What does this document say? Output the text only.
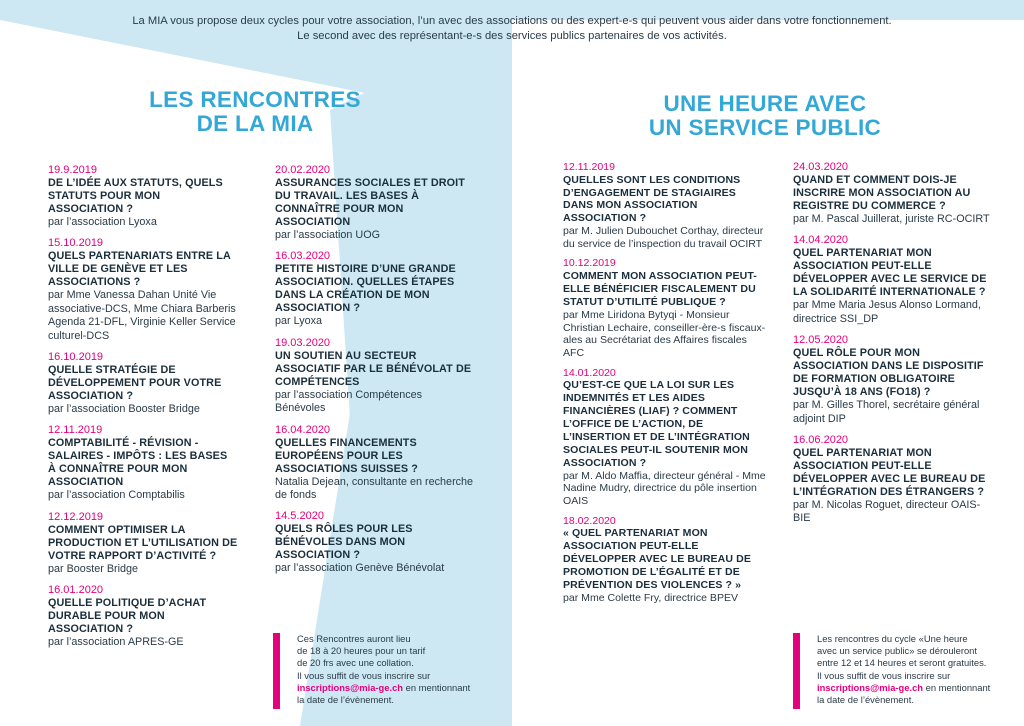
La MIA vous propose deux cycles pour votre association, l’un avec des associations ou des expert-e-s qui peuvent vous aider dans votre fonctionnement.
Le second avec des représentant-e-s des services publics partenaires de vos activités.
LES RENCONTRES
DE LA MIA
UNE HEURE AVEC
UN SERVICE PUBLIC
19.9.2019
DE L’IDÉE AUX STATUTS, QUELS STATUTS POUR MON ASSOCIATION ?
par l’association Lyoxa
15.10.2019
QUELS PARTENARIATS ENTRE LA VILLE DE GENÈVE ET LES ASSOCIATIONS ?
par Mme Vanessa Dahan Unité Vie associative-DCS, Mme Chiara Barberis Agenda 21-DFL, Virginie Keller Service culturel-DCS
16.10.2019
QUELLE STRATÉGIE DE DÉVELOPPEMENT POUR VOTRE ASSOCIATION ?
par l’association Booster Bridge
12.11.2019
COMPTABILITÉ - RÉVISION - SALAIRES - IMPÔTS : LES BASES À CONNAÎTRE POUR MON ASSOCIATION
par l’association Comptabilis
12.12.2019
COMMENT OPTIMISER LA PRODUCTION ET L’UTILISATION DE VOTRE RAPPORT D’ACTIVITÉ ?
par Booster Bridge
16.01.2020
QUELLE POLITIQUE D’ACHAT DURABLE POUR MON ASSOCIATION ?
par l’association APRES-GE
20.02.2020
ASSURANCES SOCIALES ET DROIT DU TRAVAIL. LES BASES À CONNAÎTRE POUR MON ASSOCIATION
par l’association UOG
16.03.2020
PETITE HISTOIRE D’UNE GRANDE ASSOCIATION. QUELLES ÉTAPES DANS LA CRÉATION DE MON ASSOCIATION ?
par Lyoxa
19.03.2020
UN SOUTIEN AU SECTEUR ASSOCIATIF PAR LE BÉNÉVOLAT DE COMPÉTENCES
par l’association Compétences Bénévoles
16.04.2020
QUELLES FINANCEMENTS EUROPÉENS POUR LES ASSOCIATIONS SUISSES ?
Natalia Dejean, consultante en recherche de fonds
14.5.2020
QUELS RÔLES POUR LES BÉNÉVOLES DANS MON ASSOCIATION ?
par l’association Genève Bénévolat
12.11.2019
QUELLES SONT LES CONDITIONS D’ENGAGEMENT DE STAGIAIRES DANS MON ASSOCIATION ASSOCIATION ?
par M. Julien Dubouchet Corthay, directeur du service de l’inspection du travail OCIRT
10.12.2019
COMMENT MON ASSOCIATION PEUT-ELLE BÉNÉFICIER FISCALEMENT DU STATUT D’UTILITÉ PUBLIQUE ?
par Mme Liridona Bytyqi - Monsieur Christian Lechaire, conseiller-ère-s fiscaux-ales au Secrétariat des Affaires fiscales AFC
14.01.2020
QU’EST-CE QUE LA LOI SUR LES INDEMNITÉS ET LES AIDES FINANCIÈRES (LIAF) ? COMMENT L’OFFICE DE L’ACTION, DE L’INSERTION ET DE L’INTÉGRATION SOCIALES PEUT-IL SOUTENIR MON ASSOCIATION ?
par M. Aldo Maffia, directeur général - Mme Nadine Mudry, directrice du pôle insertion OAIS
18.02.2020
« QUEL PARTENARIAT MON ASSOCIATION PEUT-ELLE DÉVELOPPER AVEC LE BUREAU DE PROMOTION DE L’ÉGALITÉ ET DE PRÉVENTION DES VIOLENCES ? »
par Mme Colette Fry, directrice BPEV
24.03.2020
QUAND ET COMMENT DOIS-JE INSCRIRE MON ASSOCIATION AU REGISTRE DU COMMERCE ?
par M. Pascal Juillerat, juriste RC-OCIRT
14.04.2020
QUEL PARTENARIAT MON ASSOCIATION PEUT-ELLE DÉVELOPPER AVEC LE SERVICE DE LA SOLIDARITÉ INTERNATIONALE ?
par Mme Maria Jesus Alonso Lormand, directrice SSI_DP
12.05.2020
QUEL RÔLE POUR MON ASSOCIATION DANS LE DISPOSITIF DE FORMATION OBLIGATOIRE JUSQU’À 18 ANS (FO18) ?
par M. Gilles Thorel, secrétaire général adjoint DIP
16.06.2020
QUEL PARTENARIAT MON ASSOCIATION PEUT-ELLE DÉVELOPPER AVEC LE BUREAU DE L’INTÉGRATION DES ÉTRANGERS ?
par M. Nicolas Roguet, directeur OAIS-BIE
Ces Rencontres auront lieu
de 18 à 20 heures pour un tarif
de 20 frs avec une collation.
Il vous suffit de vous inscrire sur
inscriptions@mia-ge.ch en mentionnant
la date de l’évènement.
Les rencontres du cycle «Une heure
avec un service public» se dérouleront
entre 12 et 14 heures et seront gratuites.
Il vous suffit de vous inscrire sur
inscriptions@mia-ge.ch en mentionnant
la date de l’évènement.
